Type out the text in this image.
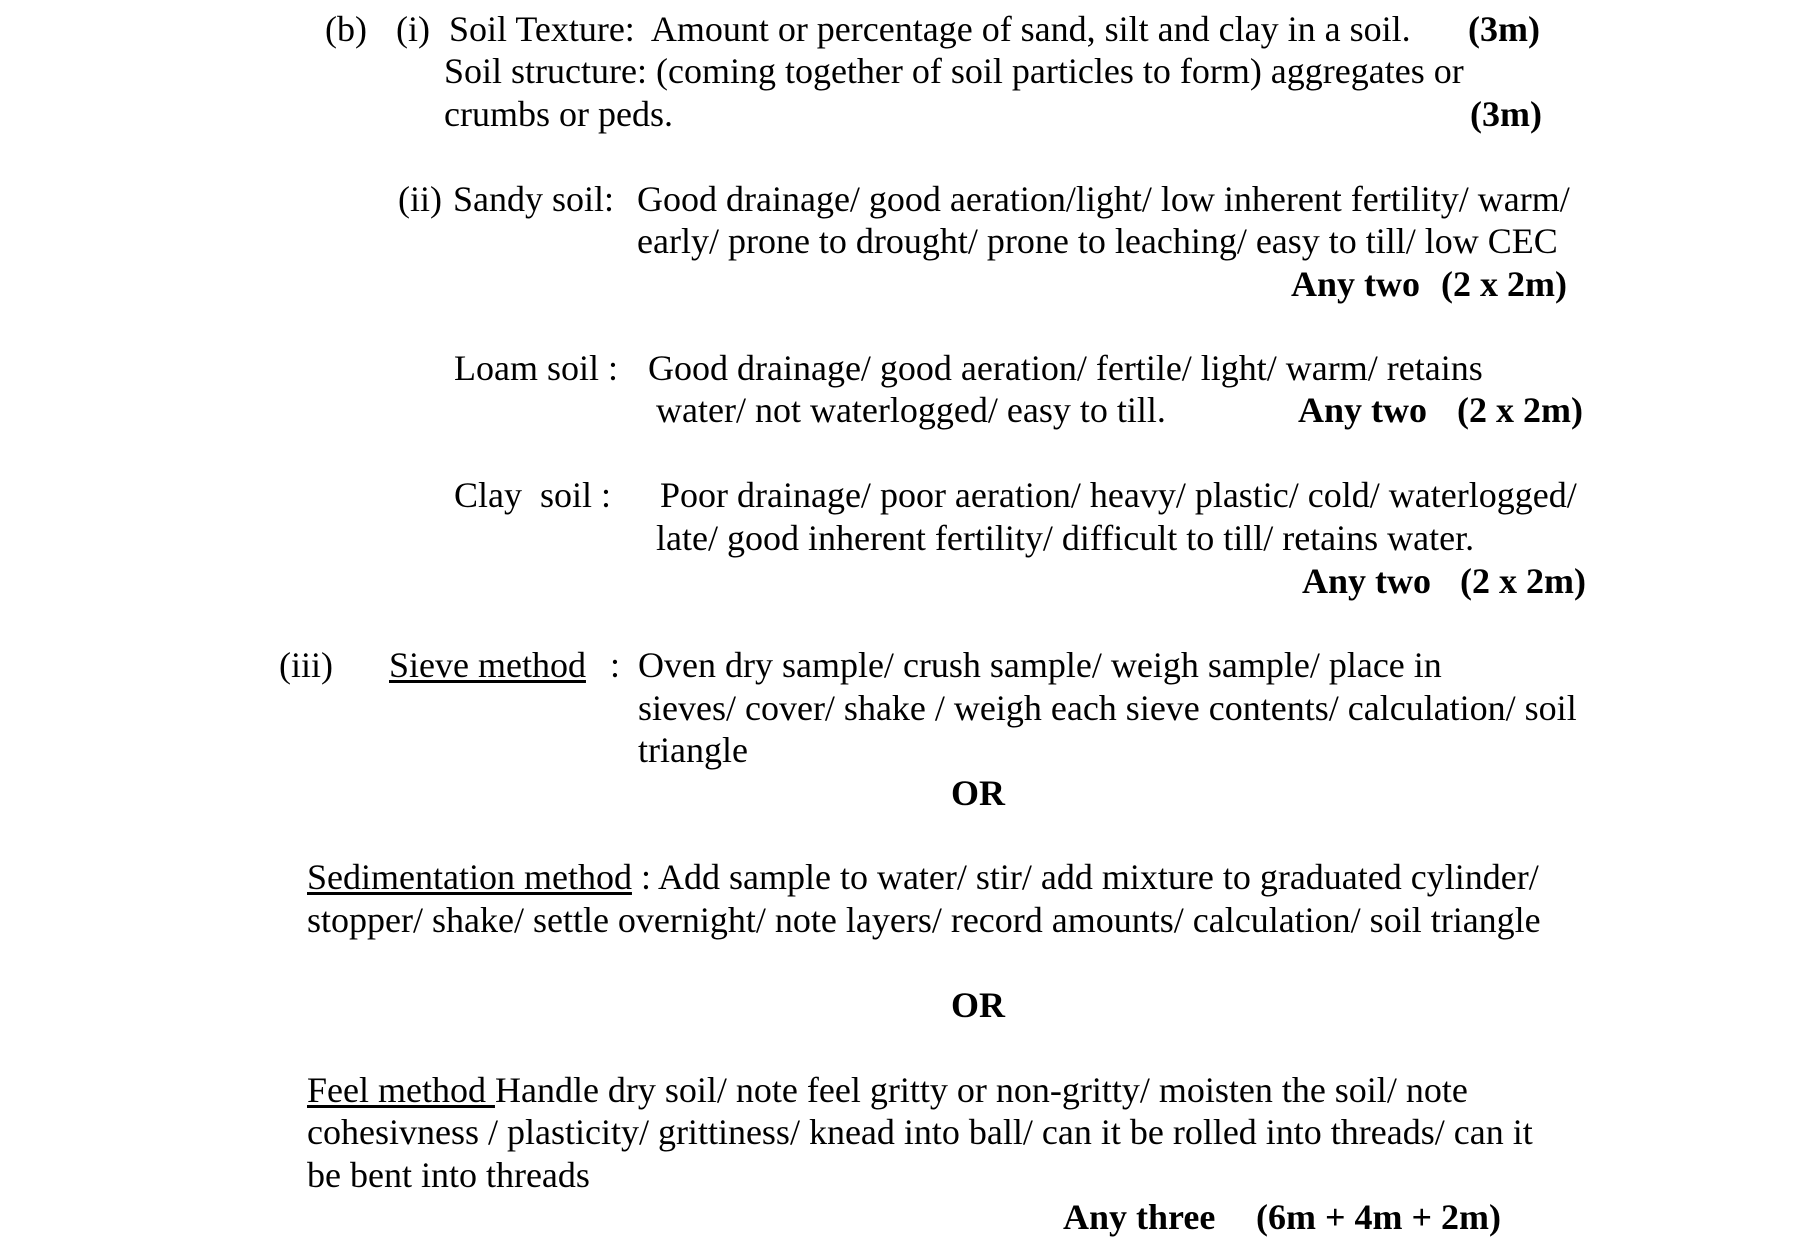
(b) (i) Soil Texture:  Amount or percentage of sand, silt and clay in a soil. (3m)
Soil structure: (coming together of soil particles to form) aggregates or
crumbs or peds.	(3m)
(ii) Sandy soil: Good drainage/ good aeration/light/ low inherent fertility/ warm/
early/ prone to drought/ prone to leaching/ easy to till/ low CEC
Any two (2 x 2m)
Loam soil : Good drainage/ good aeration/ fertile/ light/ warm/ retains
water/ not waterlogged/ easy to till.	Any two (2 x 2m)
Clay  soil : Poor drainage/ poor aeration/ heavy/ plastic/ cold/ waterlogged/
late/ good inherent fertility/ difficult to till/ retains water.
Any two (2 x 2m)
(iii) Sieve method : Oven dry sample/ crush sample/ weigh sample/ place in
sieves/ cover/ shake / weigh each sieve contents/ calculation/ soil
triangle
OR
Sedimentation method : Add sample to water/ stir/ add mixture to graduated cylinder/
stopper/ shake/ settle overnight/ note layers/ record amounts/ calculation/ soil triangle
OR
Feel method Handle dry soil/ note feel gritty or non-gritty/ moisten the soil/ note
cohesivness / plasticity/ grittiness/ knead into ball/ can it be rolled into threads/ can it
be bent into threads
Any three (6m + 4m + 2m)
